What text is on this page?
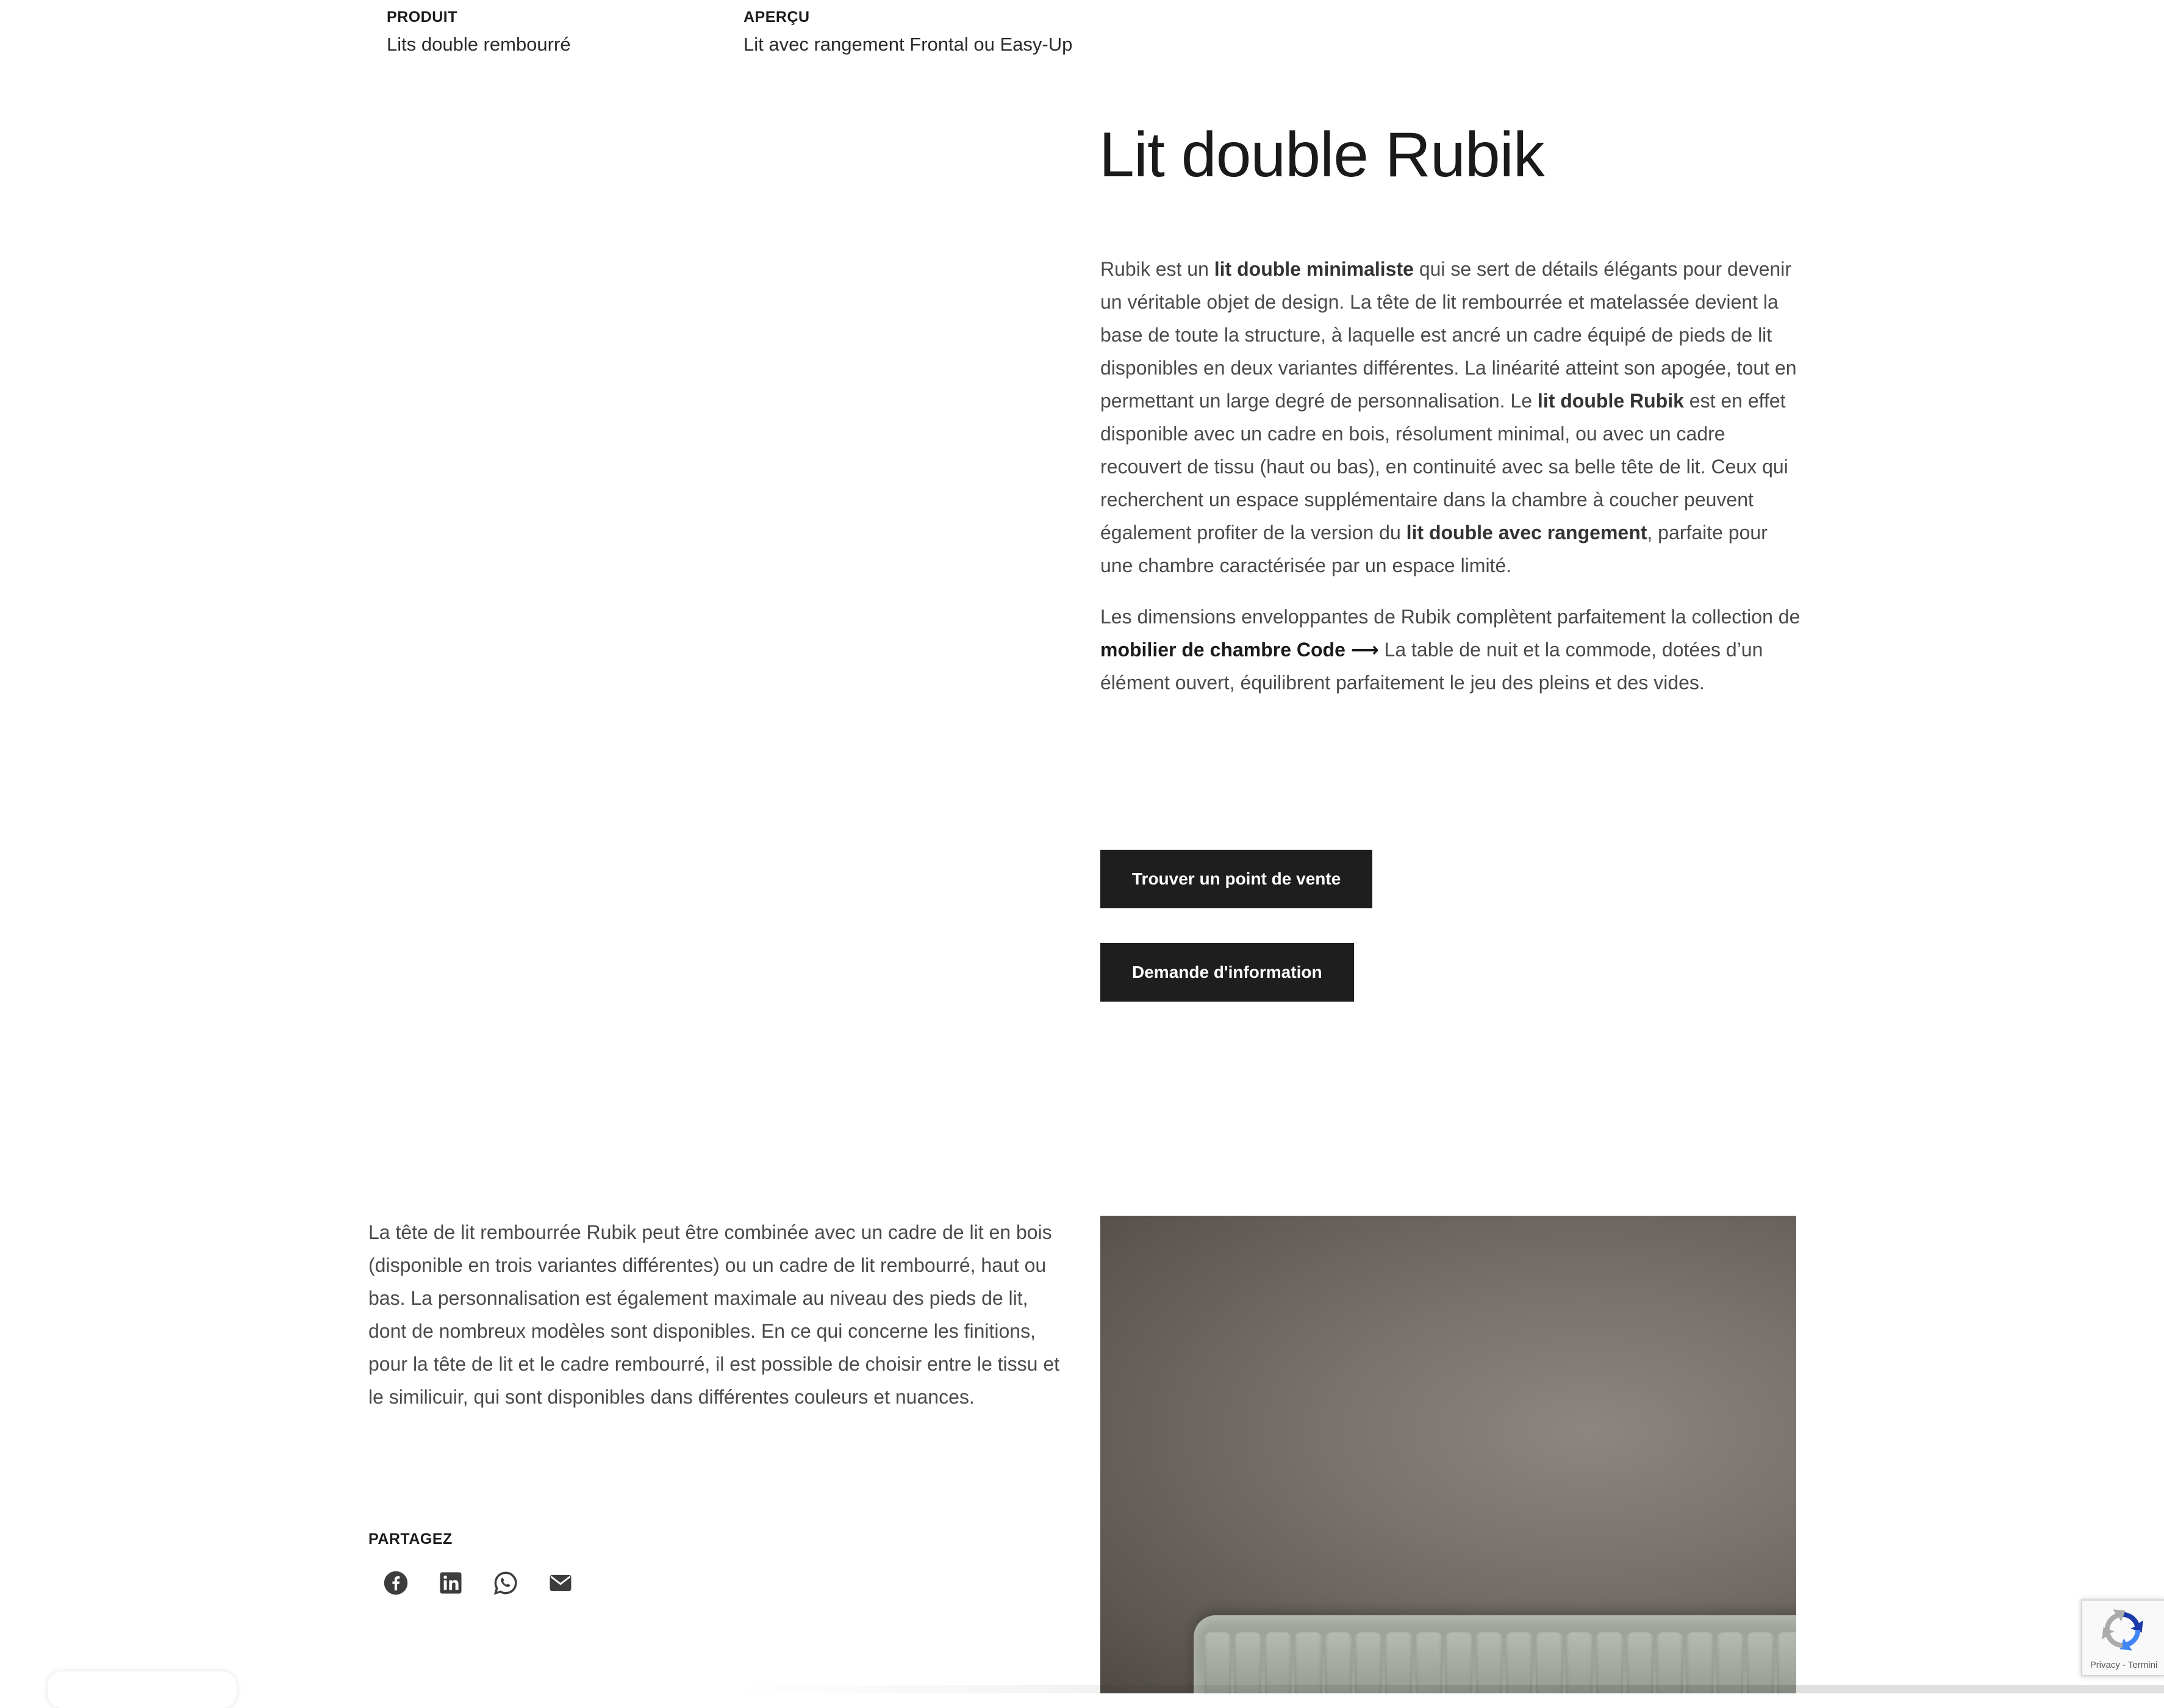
PRODUIT
Lits double rembourré
APERÇU
Lit avec rangement Frontal ou Easy-Up
Lit double Rubik

Rubik est un lit double minimaliste qui se sert de détails élégants pour devenir un véritable objet de design. La tête de lit rembourrée et matelassée devient la base de toute la structure, à laquelle est ancré un cadre équipé de pieds de lit disponibles en deux variantes différentes. La linéarité atteint son apogée, tout en permettant un large degré de personnalisation. Le lit double Rubik est en effet disponible avec un cadre en bois, résolument minimal, ou avec un cadre recouvert de tissu (haut ou bas), en continuité avec sa belle tête de lit. Ceux qui recherchent un espace supplémentaire dans la chambre à coucher peuvent également profiter de la version du lit double avec rangement, parfaite pour une chambre caractérisée par un espace limité.

Les dimensions enveloppantes de Rubik complètent parfaitement la collection de mobilier de chambre Code ⟶ La table de nuit et la commode, dotées d’un élément ouvert, équilibrent parfaitement le jeu des pleins et des vides.

Trouver un point de vente
Demande d'information

La tête de lit rembourrée Rubik peut être combinée avec un cadre de lit en bois (disponible en trois variantes différentes) ou un cadre de lit rembourré, haut ou bas. La personnalisation est également maximale au niveau des pieds de lit, dont de nombreux modèles sont disponibles. En ce qui concerne les finitions, pour la tête de lit et le cadre rembourré, il est possible de choisir entre le tissu et le similicuir, qui sont disponibles dans différentes couleurs et nuances.

PARTAGEZ
Privacy - Termini
